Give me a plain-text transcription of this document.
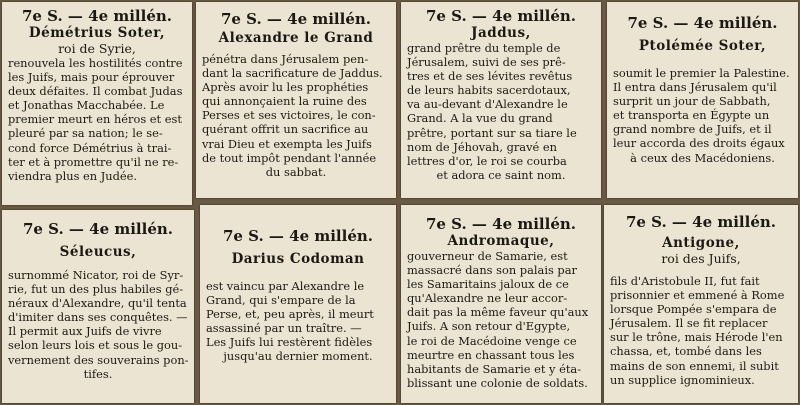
7e S. — 4e millén.
Démétrius Soter,
roi de Syrie,
renouvela les hostilités contre
les Juifs, mais pour éprouver
deux défaites. Il combat Judas
et Jonathas Macchabée. Le
premier meurt en héros et est
pleuré par sa nation; le se-
cond force Démétrius à trai-
ter et à promettre qu'il ne re-
viendra plus en Judée.
7e S. — 4e millén.
Alexandre le Grand
pénétra dans Jérusalem pen-
dant la sacrificature de Jaddus.
Après avoir lu les prophéties
qui annonçaient la ruine des
Perses et ses victoires, le con-
quérant offrit un sacrifice au
vrai Dieu et exempta les Juifs
de tout impôt pendant l'année
du sabbat.
7e S. — 4e millén.
Jaddus,
grand prêtre du temple de
Jérusalem, suivi de ses prê-
tres et de ses lévites revêtus
de leurs habits sacerdotaux,
va au-devant d'Alexandre le
Grand. A la vue du grand
prêtre, portant sur sa tiare le
nom de Jéhovah, gravé en
lettres d'or, le roi se courba
et adora ce saint nom.
7e S. — 4e millén.
Ptolémée Soter,
soumit le premier la Palestine.
Il entra dans Jérusalem qu'il
surprit un jour de Sabbath,
et transporta en Égypte un
grand nombre de Juifs, et il
leur accorda des droits égaux
à ceux des Macédoniens.
7e S. — 4e millén.
Séleucus,
surnommé Nicator, roi de Syr-
rie, fut un des plus habiles gé-
néraux d'Alexandre, qu'il tenta
d'imiter dans ses conquêtes. —
Il permit aux Juifs de vivre
selon leurs lois et sous le gou-
vernement des souverains pon-
tifes.
7e S. — 4e millén.
Darius Codoman
est vaincu par Alexandre le
Grand, qui s'empare de la
Perse, et, peu après, il meurt
assassiné par un traître. —
Les Juifs lui restèrent fidèles
jusqu'au dernier moment.
7e S. — 4e millén.
Andromaque,
gouverneur de Samarie, est
massacré dans son palais par
les Samaritains jaloux de ce
qu'Alexandre ne leur accor-
dait pas la même faveur qu'aux
Juifs. A son retour d'Egypte,
le roi de Macédoine venge ce
meurtre en chassant tous les
habitants de Samarie et y éta-
blissant une colonie de soldats.
7e S. — 4e millén.
Antigone,
roi des Juifs,
fils d'Aristobule II, fut fait
prisonnier et emmené à Rome
lorsque Pompée s'empara de
Jérusalem. Il se fit replacer
sur le trône, mais Hérode l'en
chassa, et, tombé dans les
mains de son ennemi, il subit
un supplice ignominieux.
